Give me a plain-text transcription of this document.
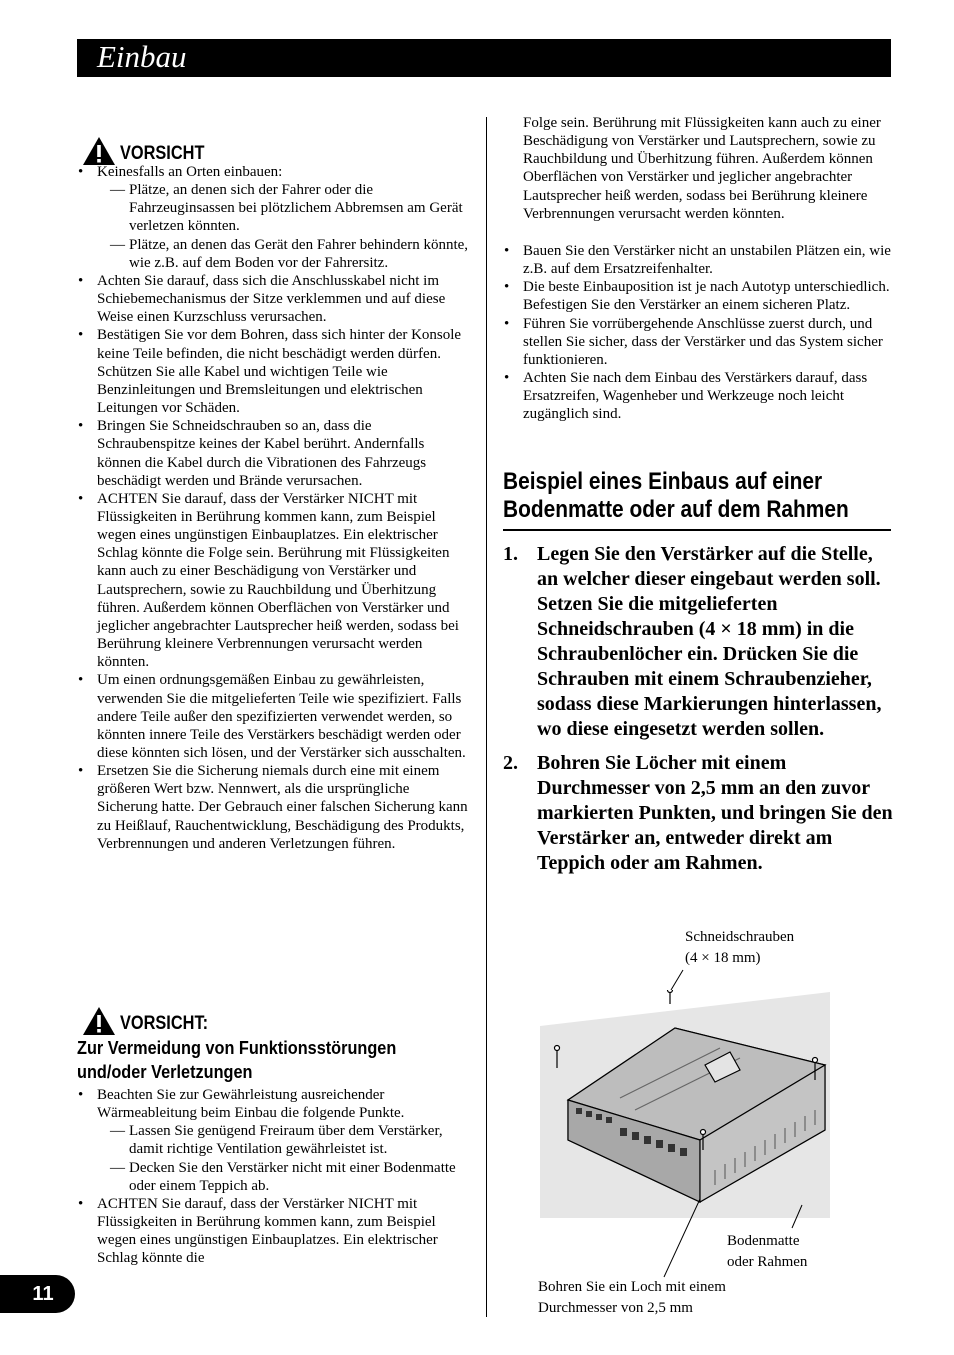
Einbau
VORSICHT
• Keinesfalls an Orten einbauen:
— Plätze, an denen sich der Fahrer oder die Fahrzeuginsassen bei plötzlichem Abbremsen am Gerät verletzen könnten.
— Plätze, an denen das Gerät den Fahrer behindern könnte, wie z.B. auf dem Boden vor der Fahrersitz.
• Achten Sie darauf, dass sich die Anschlusskabel nicht im Schiebemechanismus der Sitze verklemmen und auf diese Weise einen Kurzschluss verursachen.
• Bestätigen Sie vor dem Bohren, dass sich hinter der Konsole keine Teile befinden, die nicht beschädigt werden dürfen. Schützen Sie alle Kabel und wichtigen Teile wie Benzinleitungen und Bremsleitungen und elektrischen Leitungen vor Schäden.
• Bringen Sie Schneidschrauben so an, dass die Schraubenspitze keines der Kabel berührt. Andernfalls können die Kabel durch die Vibrationen des Fahrzeugs beschädigt werden und Brände verursachen.
• ACHTEN Sie darauf, dass der Verstärker NICHT mit Flüssigkeiten in Berührung kommen kann, zum Beispiel wegen eines ungünstigen Einbauplatzes. Ein elektrischer Schlag könnte die Folge sein. Berührung mit Flüssigkeiten kann auch zu einer Beschädigung von Verstärker und Lautsprechern, sowie zu Rauchbildung und Überhitzung führen. Außerdem können Oberflächen von Verstärker und jeglicher angebrachter Lautsprecher heiß werden, sodass bei Berührung kleinere Verbrennungen verursacht werden könnten.
• Um einen ordnungsgemäßen Einbau zu gewährleisten, verwenden Sie die mitgelieferten Teile wie spezifiziert. Falls andere Teile außer den spezifizierten verwendet werden, so könnten innere Teile des Verstärkers beschädigt werden oder diese könnten sich lösen, und der Verstärker sich ausschalten.
• Ersetzen Sie die Sicherung niemals durch eine mit einem größeren Wert bzw. Nennwert, als die ursprüngliche Sicherung hatte. Der Gebrauch einer falschen Sicherung kann zu Heißlauf, Rauchentwicklung, Beschädigung des Produkts, Verbrennungen und anderen Verletzungen führen.
VORSICHT:
Zur Vermeidung von Funktionsstörungen und/oder Verletzungen
• Beachten Sie zur Gewährleistung ausreichender Wärmeableitung beim Einbau die folgende Punkte.
— Lassen Sie genügend Freiraum über dem Verstärker, damit richtige Ventilation gewährleistet ist.
— Decken Sie den Verstärker nicht mit einer Bodenmatte oder einem Teppich ab.
• ACHTEN Sie darauf, dass der Verstärker NICHT mit Flüssigkeiten in Berührung kommen kann, zum Beispiel wegen eines ungünstigen Einbauplatzes. Ein elektrischer Schlag könnte die
Folge sein. Berührung mit Flüssigkeiten kann auch zu einer Beschädigung von Verstärker und Lautsprechern, sowie zu Rauchbildung und Überhitzung führen. Außerdem können Oberflächen von Verstärker und jeglicher angebrachter Lautsprecher heiß werden, sodass bei Berührung kleinere Verbrennungen verursacht werden könnten.
• Bauen Sie den Verstärker nicht an unstabilen Plätzen ein, wie z.B. auf dem Ersatzreifenhalter.
• Die beste Einbauposition ist je nach Autotyp unterschiedlich. Befestigen Sie den Verstärker an einem sicheren Platz.
• Führen Sie vorrübergehende Anschlüsse zuerst durch, und stellen Sie sicher, dass der Verstärker und das System sicher funktionieren.
• Achten Sie nach dem Einbau des Verstärkers darauf, dass Ersatzreifen, Wagenheber und Werkzeuge noch leicht zugänglich sind.
Beispiel eines Einbaus auf einer Bodenmatte oder auf dem Rahmen
1. Legen Sie den Verstärker auf die Stelle, an welcher dieser eingebaut werden soll. Setzen Sie die mitgelieferten Schneidschrauben (4 × 18 mm) in die Schraubenlöcher ein. Drücken Sie die Schrauben mit einem Schraubenzieher, sodass diese Markierungen hinterlassen, wo diese eingesetzt werden sollen.
2. Bohren Sie Löcher mit einem Durchmesser von 2,5 mm an den zuvor markierten Punkten, und bringen Sie den Verstärker an, entweder direkt am Teppich oder am Rahmen.
Schneidschrauben
(4 × 18 mm)
Bodenmatte
oder Rahmen
Bohren Sie ein Loch mit einem
Durchmesser von 2,5 mm
11
